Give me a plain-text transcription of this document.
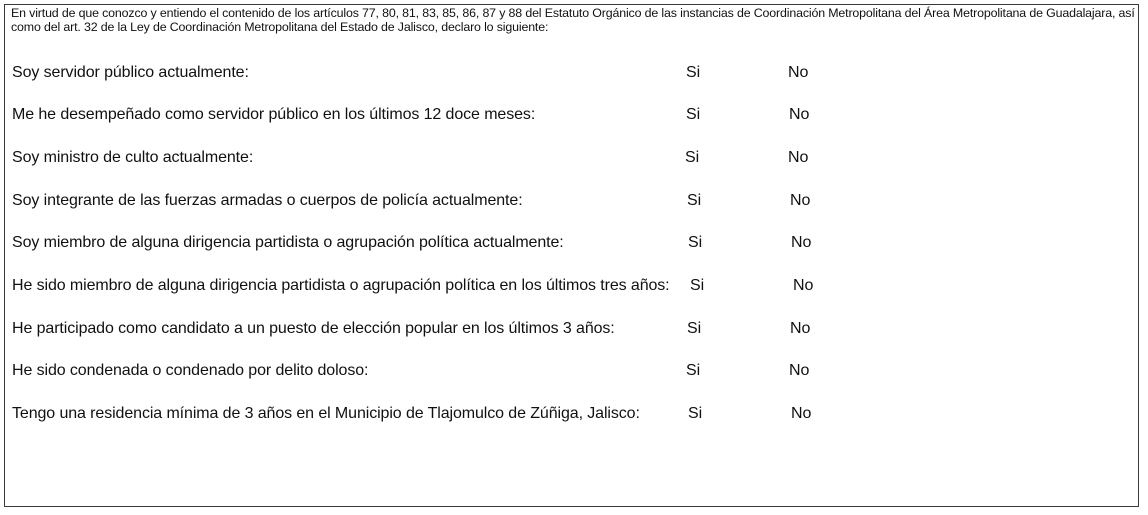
En virtud de que conozco y entiendo el contenido de los artículos 77, 80, 81, 83, 85, 86, 87 y 88 del Estatuto Orgánico de las instancias de Coordinación Metropolitana del Área Metropolitana de Guadalajara, así como del art. 32 de la Ley de Coordinación Metropolitana del Estado de Jalisco, declaro lo siguiente:

Soy servidor público actualmente:	Si	No
Me he desempeñado como servidor público en los últimos 12 doce meses:	Si	No
Soy ministro de culto actualmente:	Si	No
Soy integrante de las fuerzas armadas o cuerpos de policía actualmente:	Si	No
Soy miembro de alguna dirigencia partidista o agrupación política actualmente:	Si	No
He sido miembro de alguna dirigencia partidista o agrupación política en los últimos tres años: Si	No
He participado como candidato a un puesto de elección popular en los últimos 3 años:	Si	No
He sido condenada o condenado por delito doloso:	Si	No
Tengo una residencia mínima de 3 años en el Municipio de Tlajomulco de Zúñiga, Jalisco:	Si	No
